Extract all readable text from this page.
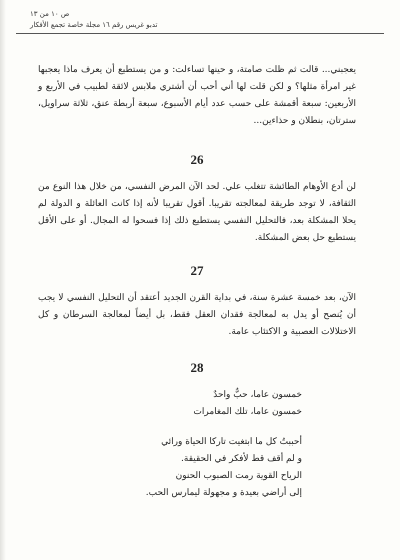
ص ١٠ من ١٣
تدبو غريس رقم ١٦ مجلة خاصة تجمع الأفكار

يعجبني... قالت ثم ظلت صامتة، و حينها تساءلت: و من يستطيع أن يعرف ماذا يعجبها غير امرأة مثلها؟ و لكن قلت لها أني أحب أن أشتري ملابس لائقة لطبيب في الأربع و الأربعين: سبعة أقمشة على حسب عدد أيام الأسبوع، سبعة أربطة عنق، ثلاثة سراويل، سترتان، بنطلان و حذاءين...

26

لن أدع الأوهام الطائشة تتغلب علي. لحد الآن المرض النفسي، من خلال هذا النوع من الثقافة، لا توجد طريقة لمعالجته تقريبا. أقول تقريبا لأنه إذا كانت العائلة و الدولة لم يحلا المشكلة بعد، فالتحليل النفسي يستطيع ذلك إذا فسحوا له المجال. أو على الأقل يستطيع حل بعض المشكلة.

27

الآن، بعد خمسة عشرة سنة، في بداية القرن الجديد أعتقد أن التحليل النفسي لا يجب أن يُنصح أو يدل به لمعالجة فقدان العقل فقط، بل أيضاً لمعالجة السرطان و كل الاختلالات العصبية و الاكتئاب عامة.

28

خمسون عاما، حبٌّ واحدٌ

خمسون عاما، تلك المغامرات

أحببتُ كل ما ابتغيت تاركا الحياة ورائي

و لم أقف قط لأفكر في الحقيقة.

الرياح القوية رمت الصبوب الحنون

إلى أراضي بعيدة و مجهولة ليمارس الحب.
